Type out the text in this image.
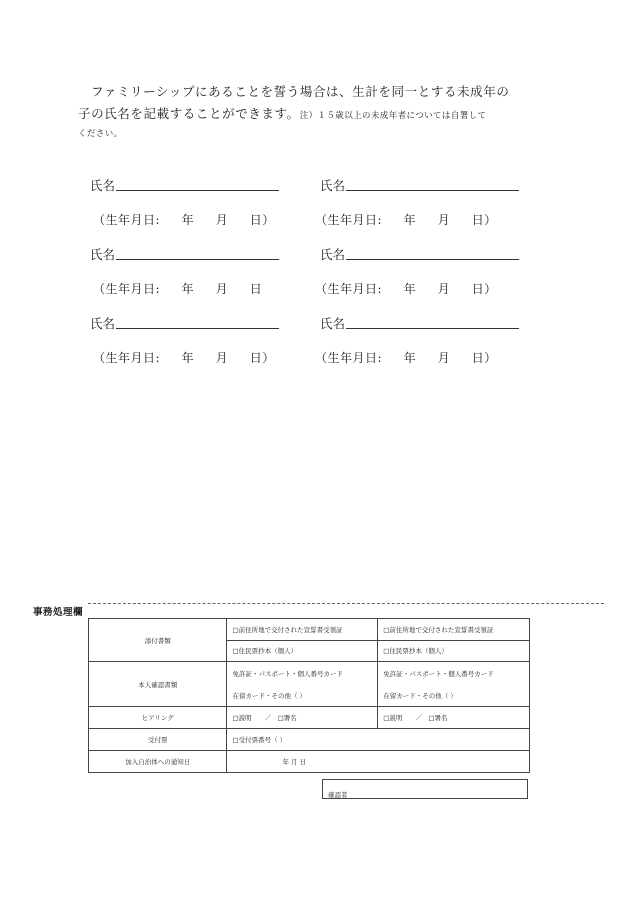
ファミリーシップにあることを誓う場合は、生計を同一とする未成年の
子の氏名を記載することができます。注）１５歳以上の未成年者については自署して
ください。
氏名	氏名
（生年月日:     年     月     日）	（生年月日:     年     月     日）
氏名	氏名
（生年月日:     年     月     日	（生年月日:     年     月     日）
氏名	氏名
（生年月日:     年     月     日）	（生年月日:     年     月     日）
事務処理欄
添付書類	□前住所地で交付された宣誓書受領証	□前住所地で交付された宣誓書受領証
	□住民票抄本（個人）	□住民票抄本（個人）
本人確認書類	免許証・パスポート・個人番号カード	免許証・パスポート・個人番号カード
	在留カード・その他（ ）	在留カード・その他（ ）
ヒアリング	□説明　　／　□署名	□説明　　／　□署名
受付票	□受付票番号（ ）	
加入自治体への通知日	年 月 日	
確認者
